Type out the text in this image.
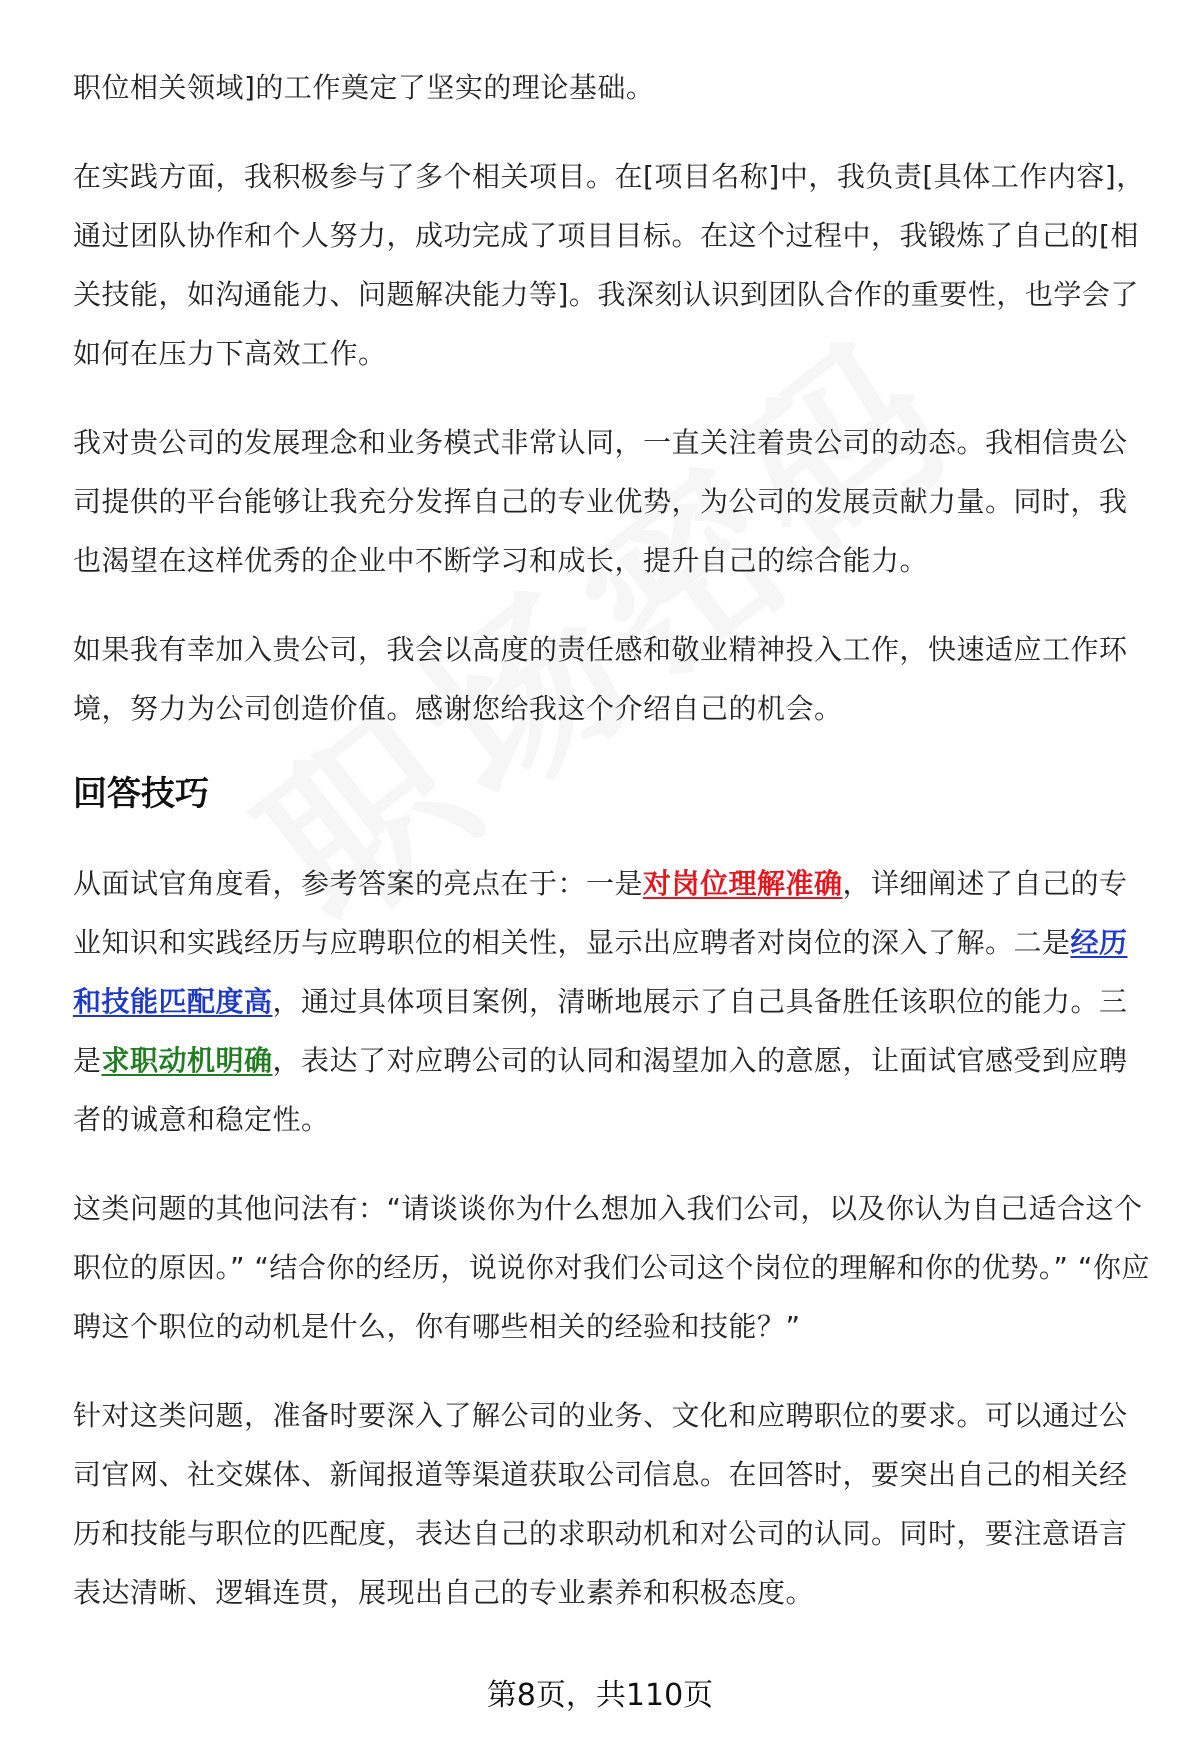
职位相关领域]的工作奠定了坚实的理论基础。

在实践方面，我积极参与了多个相关项目。在[项目名称]中，我负责[具体工作内容]，通过团队协作和个人努力，成功完成了项目目标。在这个过程中，我锻炼了自己的[相关技能，如沟通能力、问题解决能力等]。我深刻认识到团队合作的重要性，也学会了如何在压力下高效工作。

我对贵公司的发展理念和业务模式非常认同，一直关注着贵公司的动态。我相信贵公司提供的平台能够让我充分发挥自己的专业优势，为公司的发展贡献力量。同时，我也渴望在这样优秀的企业中不断学习和成长，提升自己的综合能力。

如果我有幸加入贵公司，我会以高度的责任感和敬业精神投入工作，快速适应工作环境，努力为公司创造价值。感谢您给我这个介绍自己的机会。

回答技巧

从面试官角度看，参考答案的亮点在于：一是对岗位理解准确，详细阐述了自己的专业知识和实践经历与应聘职位的相关性，显示出应聘者对岗位的深入了解。二是经历和技能匹配度高，通过具体项目案例，清晰地展示了自己具备胜任该职位的能力。三是求职动机明确，表达了对应聘公司的认同和渴望加入的意愿，让面试官感受到应聘者的诚意和稳定性。

这类问题的其他问法有：“请谈谈你为什么想加入我们公司，以及你认为自己适合这个职位的原因。” “结合你的经历，说说你对我们公司这个岗位的理解和你的优势。” “你应聘这个职位的动机是什么，你有哪些相关的经验和技能？”

针对这类问题，准备时要深入了解公司的业务、文化和应聘职位的要求。可以通过公司官网、社交媒体、新闻报道等渠道获取公司信息。在回答时，要突出自己的相关经历和技能与职位的匹配度，表达自己的求职动机和对公司的认同。同时，要注意语言表达清晰、逻辑连贯，展现出自己的专业素养和积极态度。

第8页，共110页
